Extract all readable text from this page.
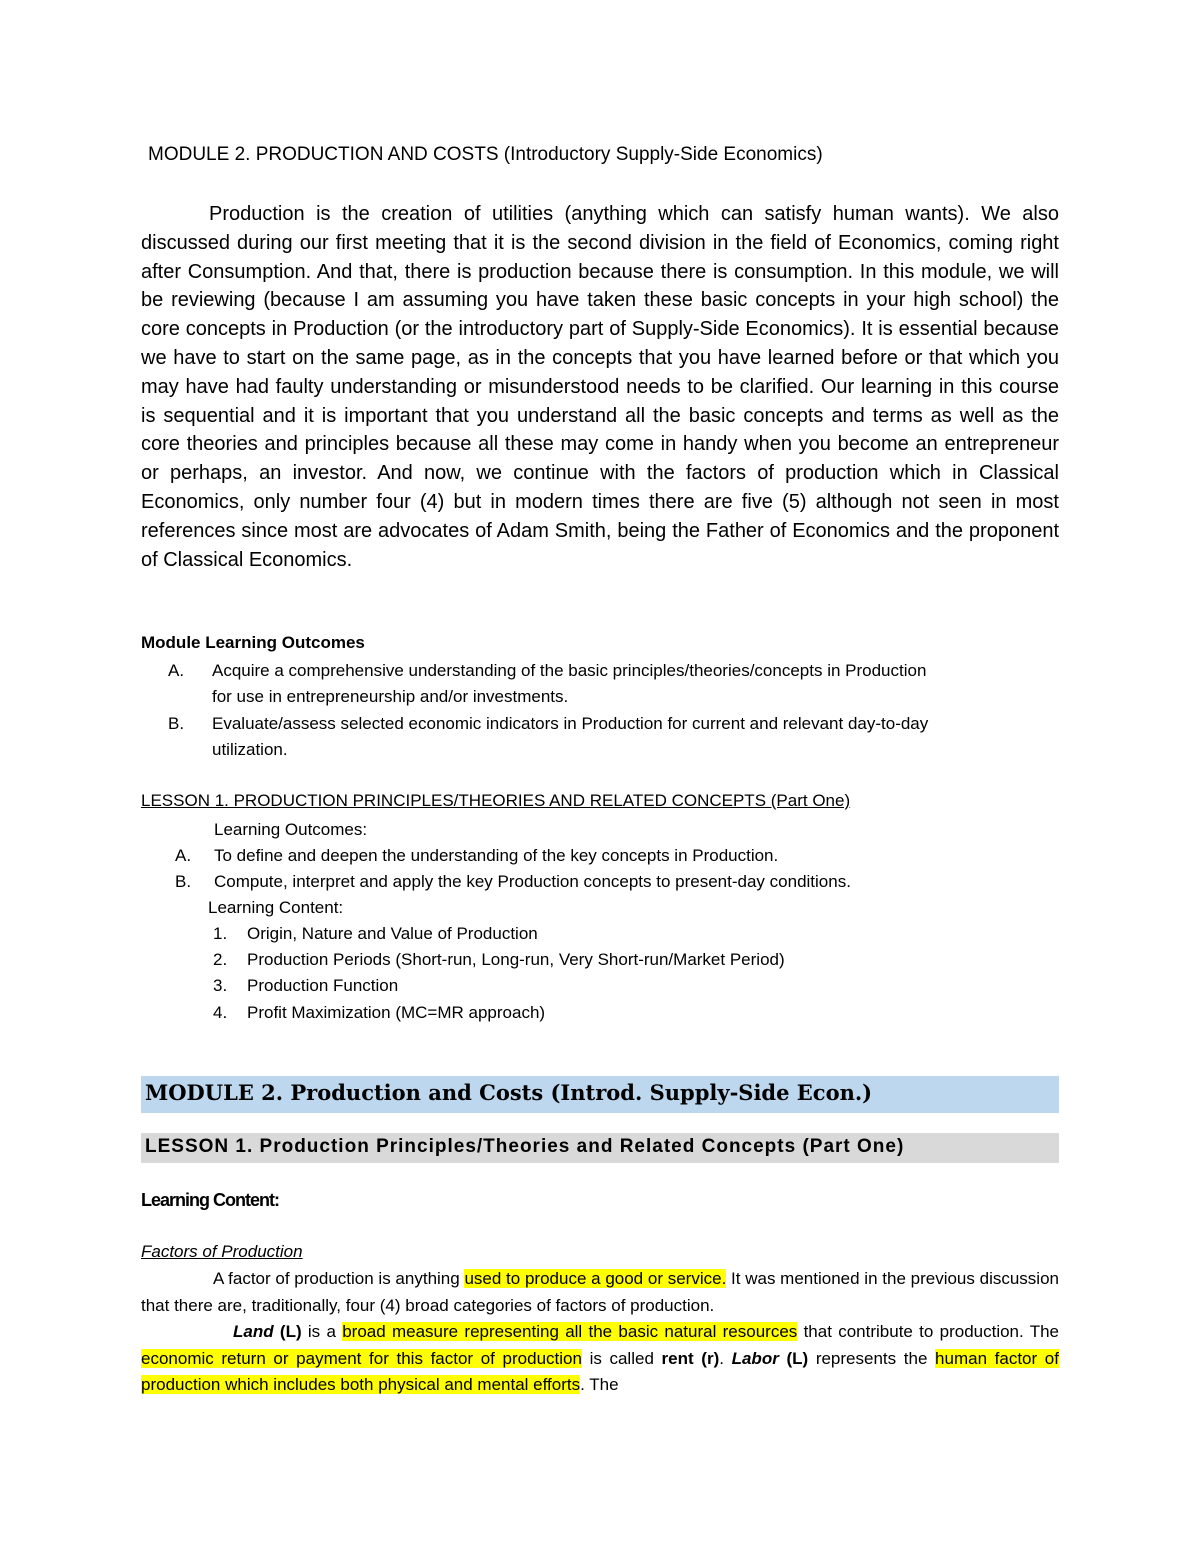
MODULE 2. PRODUCTION AND COSTS (Introductory Supply-Side Economics)

Production is the creation of utilities (anything which can satisfy human wants). We also discussed during our first meeting that it is the second division in the field of Economics, coming right after Consumption. And that, there is production because there is consumption. In this module, we will be reviewing (because I am assuming you have taken these basic concepts in your high school) the core concepts in Production (or the introductory part of Supply-Side Economics). It is essential because we have to start on the same page, as in the concepts that you have learned before or that which you may have had faulty understanding or misunderstood needs to be clarified. Our learning in this course is sequential and it is important that you understand all the basic concepts and terms as well as the core theories and principles because all these may come in handy when you become an entrepreneur or perhaps, an investor. And now, we continue with the factors of production which in Classical Economics, only number four (4) but in modern times there are five (5) although not seen in most references since most are advocates of Adam Smith, being the Father of Economics and the proponent of Classical Economics.

Module Learning Outcomes

A. Acquire a comprehensive understanding of the basic principles/theories/concepts in Production
for use in entrepreneurship and/or investments.
B. Evaluate/assess selected economic indicators in Production for current and relevant day-to-day
utilization.

LESSON 1. PRODUCTION PRINCIPLES/THEORIES AND RELATED CONCEPTS (Part One)

Learning Outcomes:

A. To define and deepen the understanding of the key concepts in Production.
B. Compute, interpret and apply the key Production concepts to present-day conditions.

Learning Content:

1. Origin, Nature and Value of Production
2. Production Periods (Short-run, Long-run, Very Short-run/Market Period)
3. Production Function
4. Profit Maximization (MC=MR approach)
MODULE 2. Production and Costs (Introd. Supply-Side Econ.)
LESSON 1. Production Principles/Theories and Related Concepts (Part One)

Learning Content:

Factors of Production

A factor of production is anything used to produce a good or service. It was mentioned in the previous discussion that there are, traditionally, four (4) broad categories of factors of production.

Land (L) is a broad measure representing all the basic natural resources that contribute to production. The economic return or payment for this factor of production is called rent (r). Labor (L) represents the human factor of production which includes both physical and mental efforts. The
